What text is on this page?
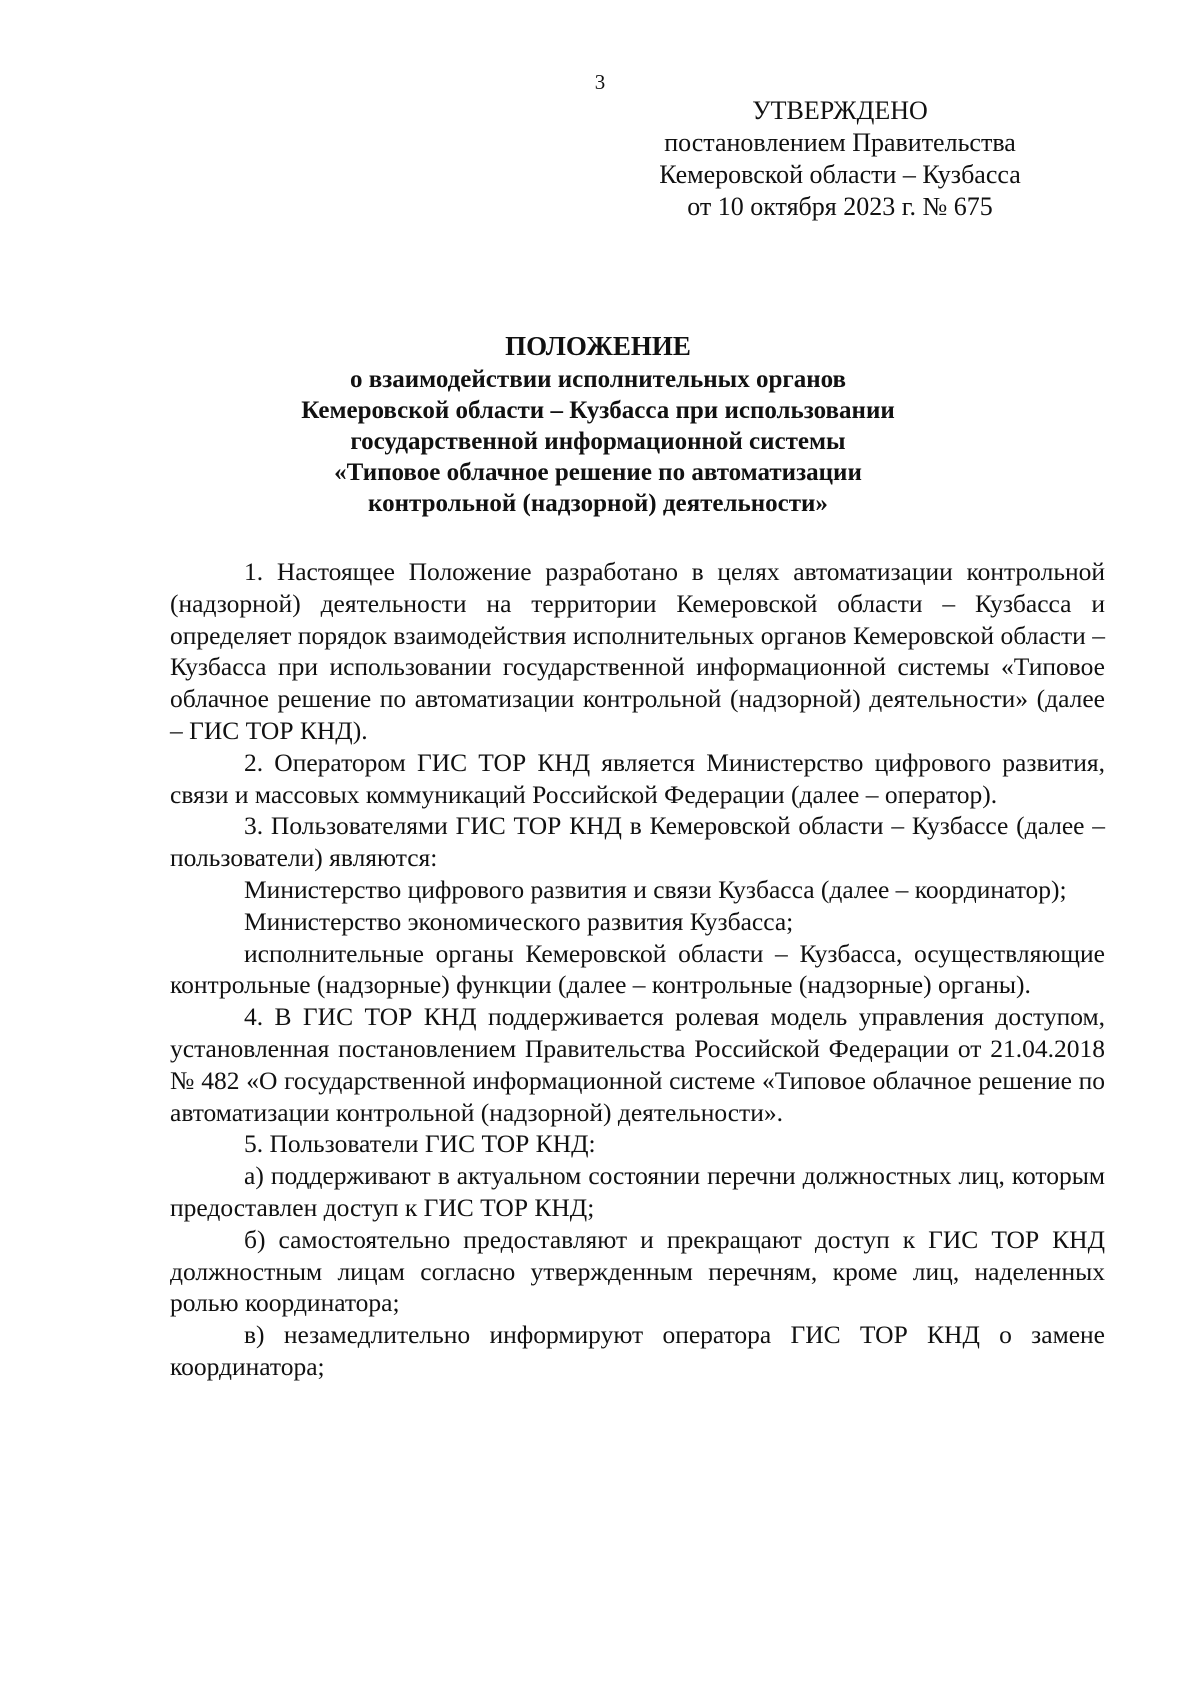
3
УТВЕРЖДЕНО
постановлением Правительства
Кемеровской области – Кузбасса
от 10 октября 2023 г. № 675
ПОЛОЖЕНИЕ
о взаимодействии исполнительных органов
Кемеровской области – Кузбасса при использовании
государственной информационной системы
«Типовое облачное решение по автоматизации
контрольной (надзорной) деятельности»

1. Настоящее Положение разработано в целях автоматизации контрольной (надзорной) деятельности на территории Кемеровской области – Кузбасса и определяет порядок взаимодействия исполнительных органов Кемеровской области – Кузбасса при использовании государственной информационной системы «Типовое облачное решение по автоматизации контрольной (надзорной) деятельности» (далее – ГИС ТОР КНД).

2. Оператором ГИС ТОР КНД является Министерство цифрового развития, связи и массовых коммуникаций Российской Федерации (далее – оператор).

3. Пользователями ГИС ТОР КНД в Кемеровской области – Кузбассе (далее – пользователи) являются:

Министерство цифрового развития и связи Кузбасса (далее – координатор);

Министерство экономического развития Кузбасса;

исполнительные органы Кемеровской области – Кузбасса, осуществляющие контрольные (надзорные) функции (далее – контрольные (надзорные) органы).

4. В ГИС ТОР КНД поддерживается ролевая модель управления доступом, установленная постановлением Правительства Российской Федерации от 21.04.2018 № 482 «О государственной информационной системе «Типовое облачное решение по автоматизации контрольной (надзорной) деятельности».

5. Пользователи ГИС ТОР КНД:

а) поддерживают в актуальном состоянии перечни должностных лиц, которым предоставлен доступ к ГИС ТОР КНД;

б) самостоятельно предоставляют и прекращают доступ к ГИС ТОР КНД должностным лицам согласно утвержденным перечням, кроме лиц, наделенных ролью координатора;

в) незамедлительно информируют оператора ГИС ТОР КНД о замене координатора;
